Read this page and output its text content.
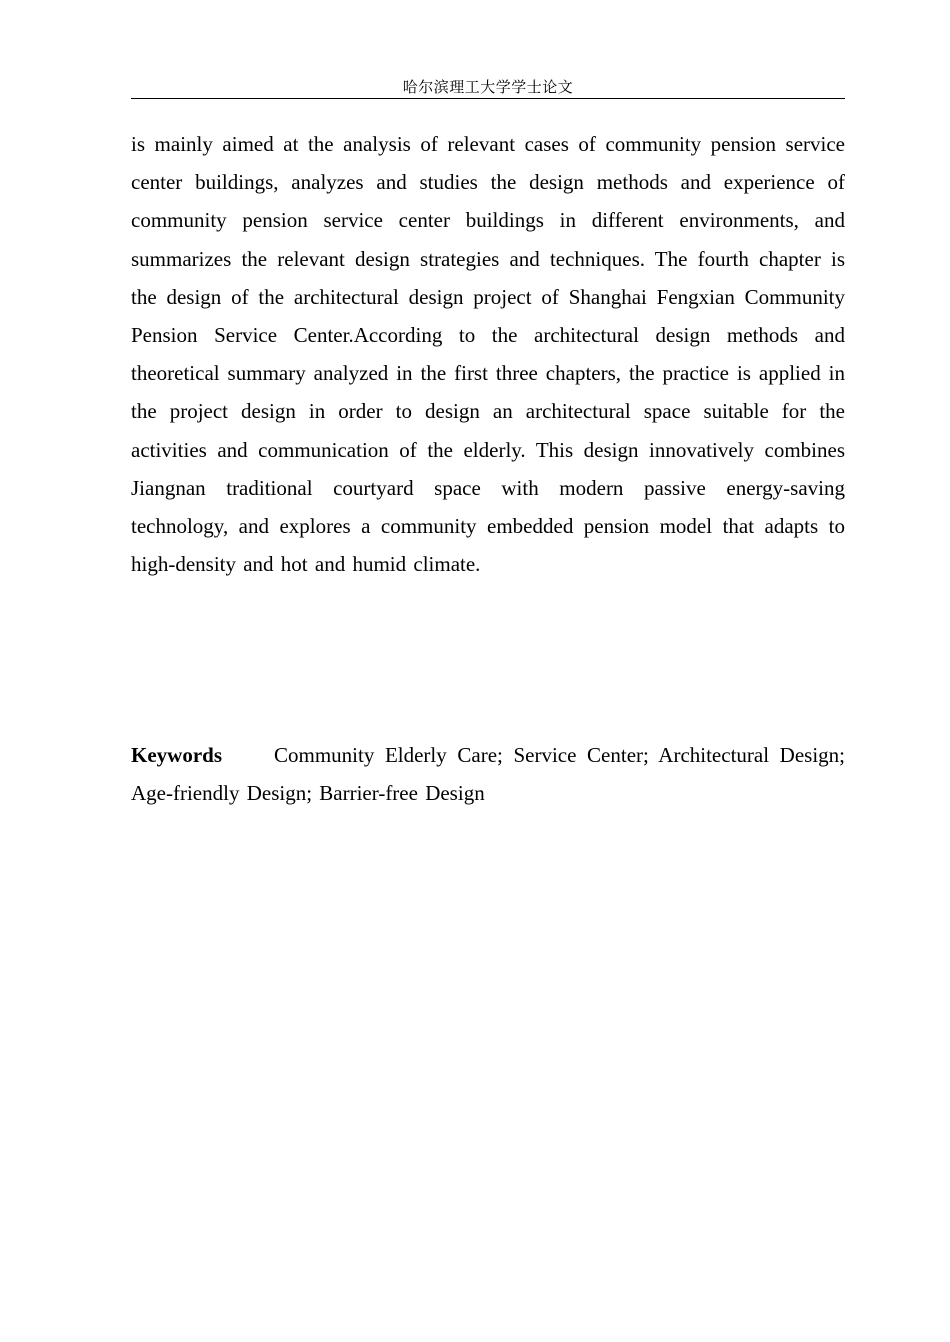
哈尔滨理工大学学士论文

is mainly aimed at the analysis of relevant cases of community pension service center buildings, analyzes and studies the design methods and experience of community pension service center buildings in different environments, and summarizes the relevant design strategies and techniques. The fourth chapter is the design of the architectural design project of Shanghai Fengxian Community Pension Service Center.According to the architectural design methods and theoretical summary analyzed in the first three chapters, the practice is applied in the project design in order to design an architectural space suitable for the activities and communication of the elderly. This design innovatively combines Jiangnan traditional courtyard space with modern passive energy-saving technology, and explores a community embedded pension model that adapts to high-density and hot and humid climate.

Keywords Community Elderly Care; Service Center; Architectural Design; Age-friendly Design; Barrier-free Design
